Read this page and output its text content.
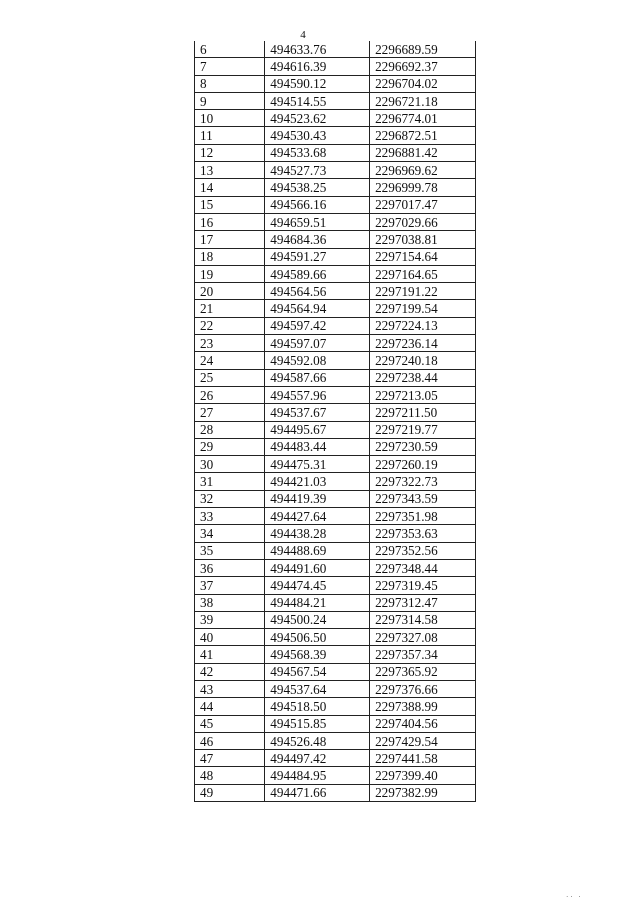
4
6	494633.76	2296689.59
7	494616.39	2296692.37
8	494590.12	2296704.02
9	494514.55	2296721.18
10	494523.62	2296774.01
11	494530.43	2296872.51
12	494533.68	2296881.42
13	494527.73	2296969.62
14	494538.25	2296999.78
15	494566.16	2297017.47
16	494659.51	2297029.66
17	494684.36	2297038.81
18	494591.27	2297154.64
19	494589.66	2297164.65
20	494564.56	2297191.22
21	494564.94	2297199.54
22	494597.42	2297224.13
23	494597.07	2297236.14
24	494592.08	2297240.18
25	494587.66	2297238.44
26	494557.96	2297213.05
27	494537.67	2297211.50
28	494495.67	2297219.77
29	494483.44	2297230.59
30	494475.31	2297260.19
31	494421.03	2297322.73
32	494419.39	2297343.59
33	494427.64	2297351.98
34	494438.28	2297353.63
35	494488.69	2297352.56
36	494491.60	2297348.44
37	494474.45	2297319.45
38	494484.21	2297312.47
39	494500.24	2297314.58
40	494506.50	2297327.08
41	494568.39	2297357.34
42	494567.54	2297365.92
43	494537.64	2297376.66
44	494518.50	2297388.99
45	494515.85	2297404.56
46	494526.48	2297429.54
47	494497.42	2297441.58
48	494484.95	2297399.40
49	494471.66	2297382.99
·· ·
